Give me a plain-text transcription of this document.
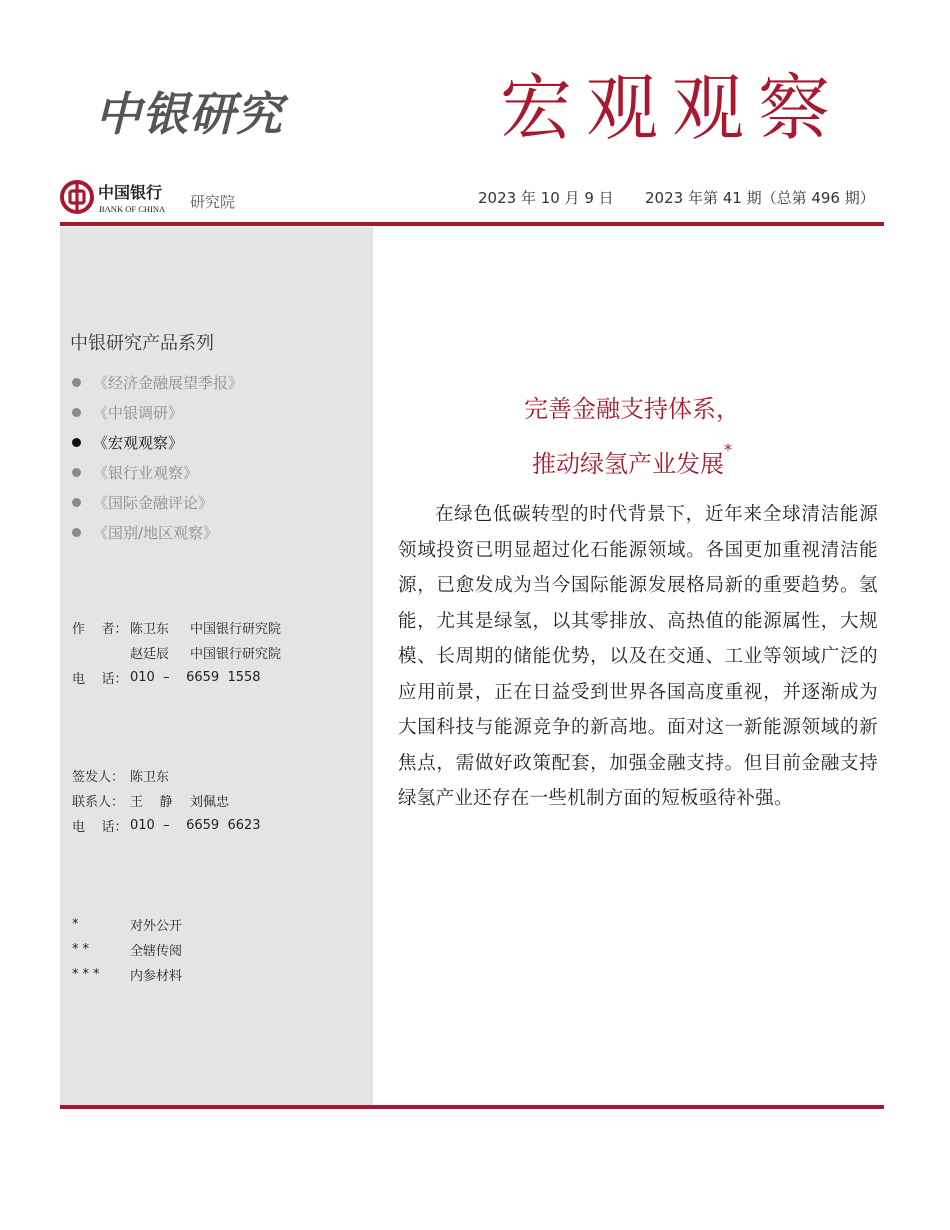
中银研究	宏观观察
中国银行
BANK OF CHINA 研究院	2023 年 10 月 9 日 2023 年第 41 期（总第 496 期）
中银研究产品系列
《经济金融展望季报》
《中银调研》
《宏观观察》
《银行业观察》
《国际金融评论》
《国别/地区观察》
作    者： 陈卫东	中国银行研究院
赵廷辰	中国银行研究院
电    话： 010  –    6659  1558
签发人： 陈卫东
联系人： 王    静	刘佩忠
电    话： 010  –    6659  6623
*	对外公开
**	全辖传阅
***	内参材料
完善金融支持体系，
推动绿氢产业发展*

在绿色低碳转型的时代背景下，近年来全球清洁能源领域投资已明显超过化石能源领域。各国更加重视清洁能源，已愈发成为当今国际能源发展格局新的重要趋势。氢能，尤其是绿氢，以其零排放、高热值的能源属性，大规模、长周期的储能优势，以及在交通、工业等领域广泛的应用前景，正在日益受到世界各国高度重视，并逐渐成为大国科技与能源竞争的新高地。面对这一新能源领域的新焦点，需做好政策配套，加强金融支持。但目前金融支持绿氢产业还存在一些机制方面的短板亟待补强。
